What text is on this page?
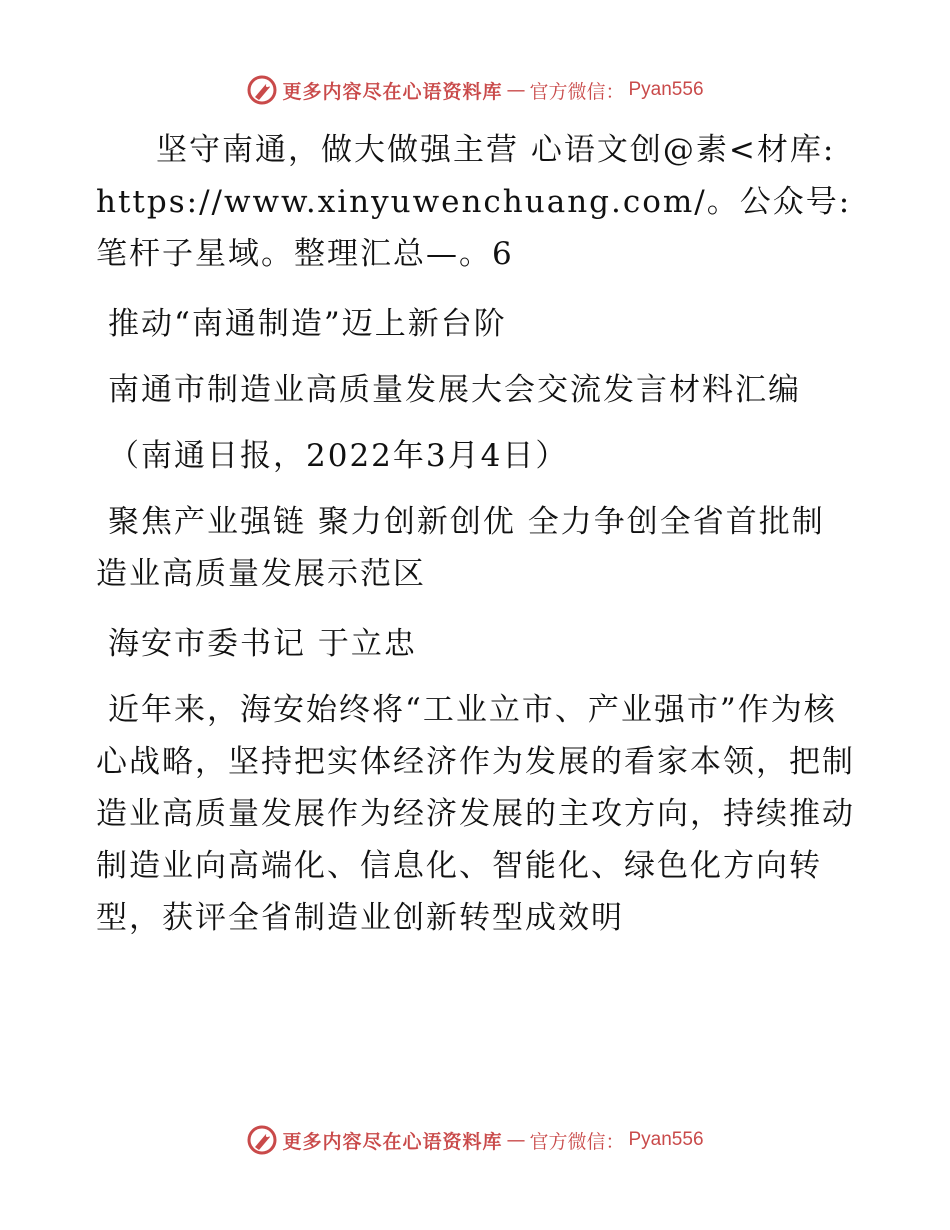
更多内容尽在心语资料库 — 官方微信： Pyan556

坚守南通，做大做强主营 心语文创@素<材库:https://www.xinyuwenchuang.com/。公众号: 笔杆子星域。整理汇总—。6

推动“南通制造”迈上新台阶

南通市制造业高质量发展大会交流发言材料汇编

（南通日报，2022年3月4日）

聚焦产业强链 聚力创新创优 全力争创全省首批制造业高质量发展示范区

海安市委书记 于立忠

近年来，海安始终将“工业立市、产业强市”作为核心战略，坚持把实体经济作为发展的看家本领，把制造业高质量发展作为经济发展的主攻方向，持续推动制造业向高端化、信息化、智能化、绿色化方向转型，获评全省制造业创新转型成效明

更多内容尽在心语资料库 — 官方微信： Pyan556
